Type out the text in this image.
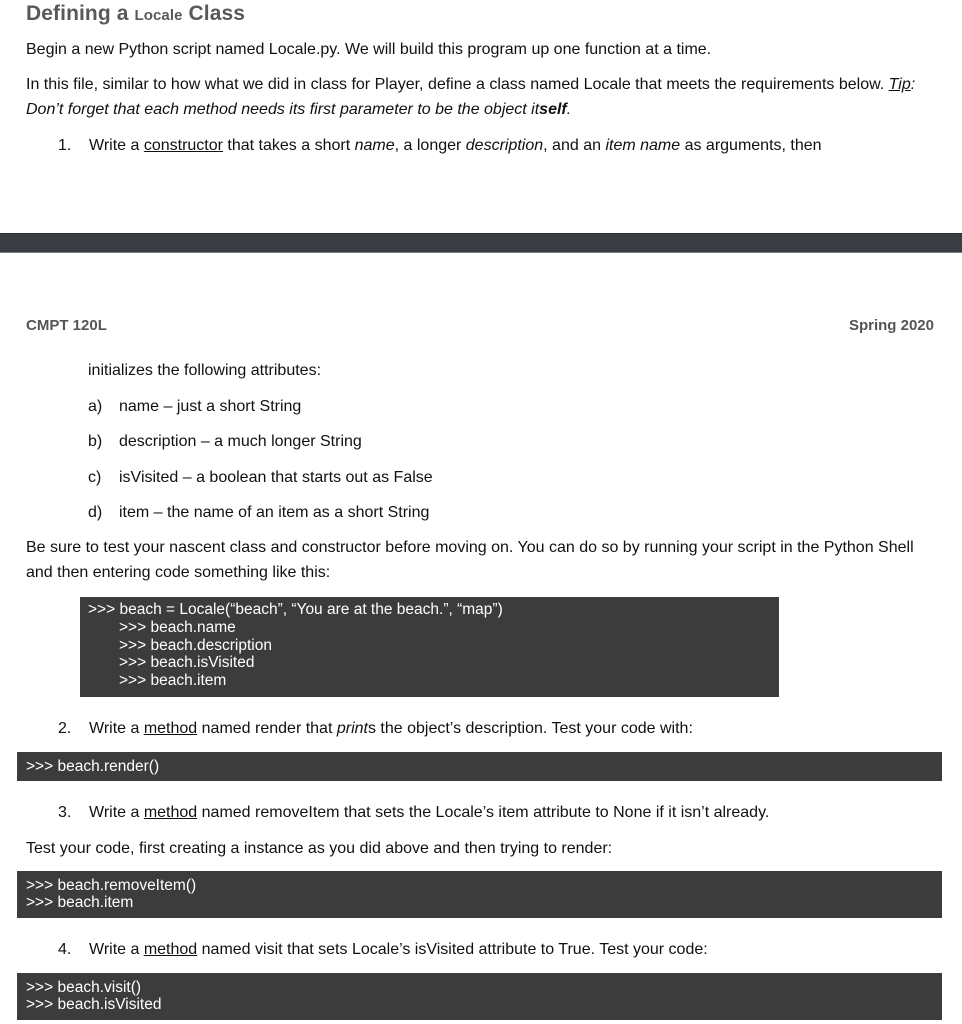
Defining a Locale Class
Begin a new Python script named Locale.py. We will build this program up one function at a time.
In this file, similar to how what we did in class for Player, define a class named Locale that meets the requirements below. Tip: Don’t forget that each method needs its first parameter to be the object itself.
1. Write a constructor that takes a short name, a longer description, and an item name as arguments, then
CMPT 120L	Spring 2020
initializes the following attributes:
a) name – just a short String
b) description – a much longer String
c) isVisited – a boolean that starts out as False
d) item – the name of an item as a short String
Be sure to test your nascent class and constructor before moving on. You can do so by running your script in the Python Shell and then entering code something like this:
>>> beach = Locale(“beach”, “You are at the beach.”, “map”)
>>> beach.name
>>> beach.description
>>> beach.isVisited
>>> beach.item
2. Write a method named render that prints the object’s description. Test your code with:
>>> beach.render()
3. Write a method named removeItem that sets the Locale’s item attribute to None if it isn’t already.
Test your code, first creating a instance as you did above and then trying to render:
>>> beach.removeItem()
>>> beach.item
4. Write a method named visit that sets Locale’s isVisited attribute to True. Test your code:
>>> beach.visit()
>>> beach.isVisited
